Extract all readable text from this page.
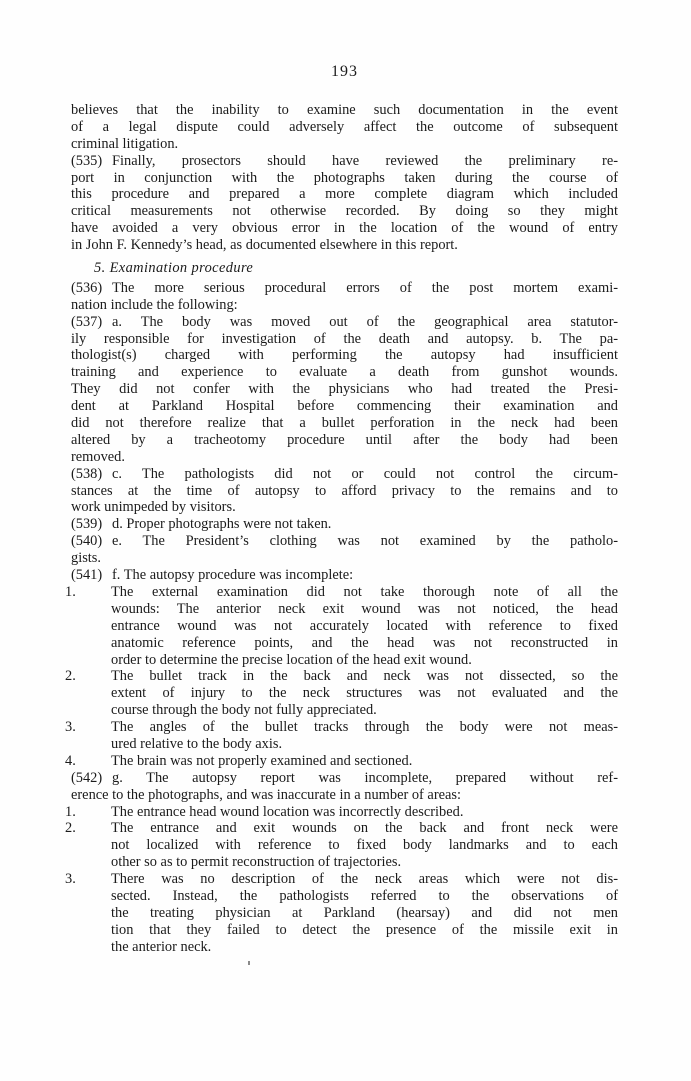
193
believes that the inability to examine such documentation in the event
of a legal dispute could adversely affect the outcome of subsequent
criminal litigation.
(535) Finally, prosectors should have reviewed the preliminary re-
port in conjunction with the photographs taken during the course of
this procedure and prepared a more complete diagram which included
critical measurements not otherwise recorded. By doing so they might
have avoided a very obvious error in the location of the wound of entry
in John F. Kennedy’s head, as documented elsewhere in this report.
5. Examination procedure
(536) The more serious procedural errors of the post mortem exami-
nation include the following:
(537) a. The body was moved out of the geographical area statutor-
ily responsible for investigation of the death and autopsy. b. The pa-
thologist(s) charged with performing the autopsy had insufficient
training and experience to evaluate a death from gunshot wounds.
They did not confer with the physicians who had treated the Presi-
dent at Parkland Hospital before commencing their examination and
did not therefore realize that a bullet perforation in the neck had been
altered by a tracheotomy procedure until after the body had been
removed.
(538) c. The pathologists did not or could not control the circum-
stances at the time of autopsy to afford privacy to the remains and to
work unimpeded by visitors.
(539) d. Proper photographs were not taken.
(540) e. The President’s clothing was not examined by the patholo-
gists.
(541) f. The autopsy procedure was incomplete:
1. The external examination did not take thorough note of all the
wounds: The anterior neck exit wound was not noticed, the head
entrance wound was not accurately located with reference to fixed
anatomic reference points, and the head was not reconstructed in
order to determine the precise location of the head exit wound.
2. The bullet track in the back and neck was not dissected, so the
extent of injury to the neck structures was not evaluated and the
course through the body not fully appreciated.
3. The angles of the bullet tracks through the body were not meas-
ured relative to the body axis.
4. The brain was not properly examined and sectioned.
(542) g. The autopsy report was incomplete, prepared without ref-
erence to the photographs, and was inaccurate in a number of areas:
1. The entrance head wound location was incorrectly described.
2. The entrance and exit wounds on the back and front neck were
not localized with reference to fixed body landmarks and to each
other so as to permit reconstruction of trajectories.
3. There was no description of the neck areas which were not dis-
sected. Instead, the pathologists referred to the observations of
the treating physician at Parkland (hearsay) and did not men
tion that they failed to detect the presence of the missile exit in
the anterior neck.
